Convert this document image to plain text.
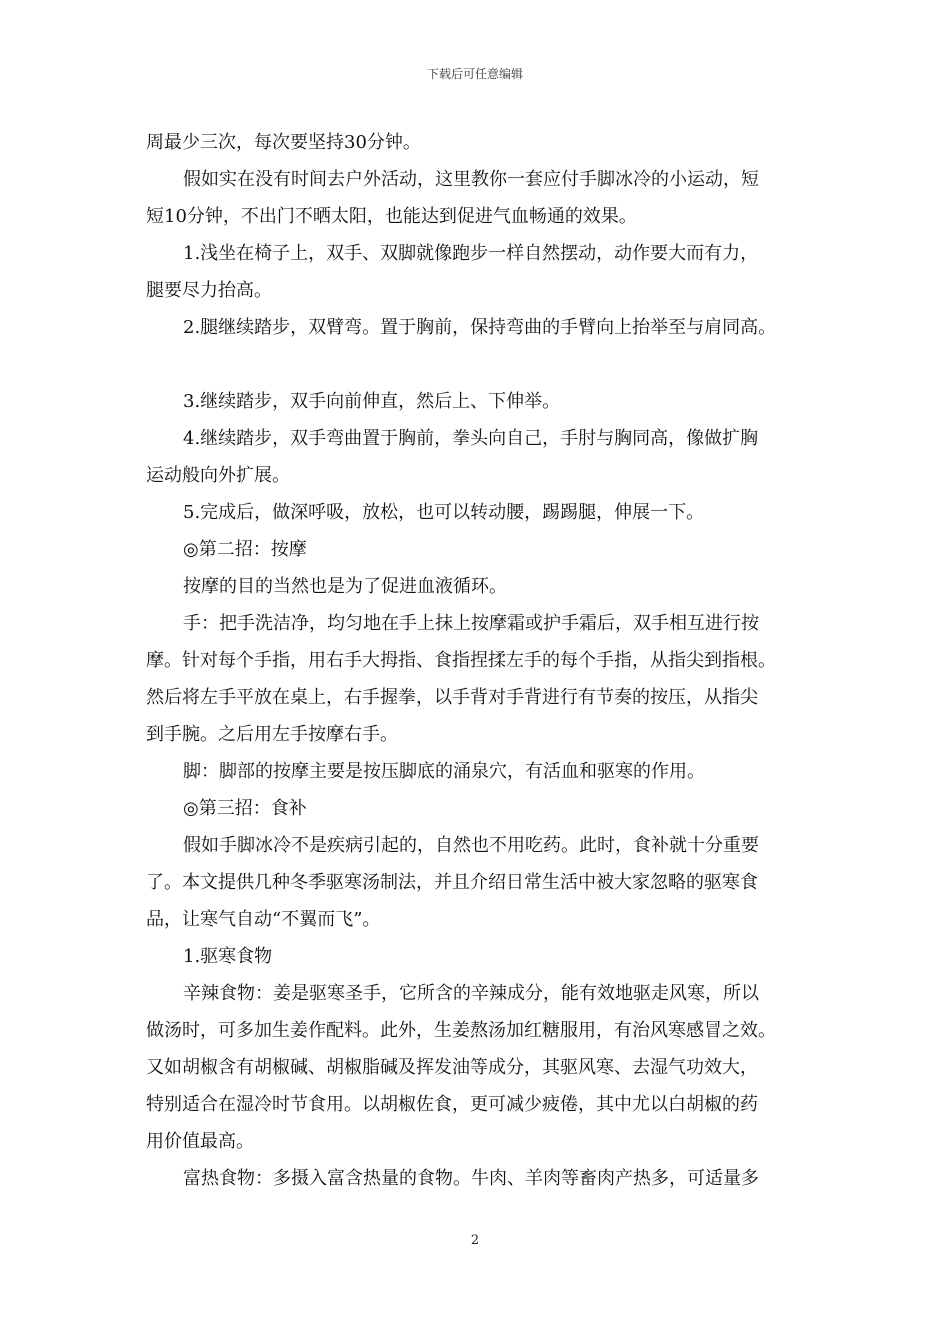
下载后可任意编辑
周最少三次，每次要坚持30分钟。
假如实在没有时间去户外活动，这里教你一套应付手脚冰冷的小运动，短
短10分钟，不出门不晒太阳，也能达到促进气血畅通的效果。
1.浅坐在椅子上，双手、双脚就像跑步一样自然摆动，动作要大而有力，
腿要尽力抬高。
2.腿继续踏步，双臂弯。置于胸前，保持弯曲的手臂向上抬举至与肩同高。
3.继续踏步，双手向前伸直，然后上、下伸举。
4.继续踏步，双手弯曲置于胸前，拳头向自己，手肘与胸同高，像做扩胸
运动般向外扩展。
5.完成后，做深呼吸，放松，也可以转动腰，踢踢腿，伸展一下。
◎第二招：按摩
按摩的目的当然也是为了促进血液循环。
手：把手洗洁净，均匀地在手上抹上按摩霜或护手霜后，双手相互进行按
摩。针对每个手指，用右手大拇指、食指捏揉左手的每个手指，从指尖到指根。
然后将左手平放在桌上，右手握拳，以手背对手背进行有节奏的按压，从指尖
到手腕。之后用左手按摩右手。
脚：脚部的按摩主要是按压脚底的涌泉穴，有活血和驱寒的作用。
◎第三招：食补
假如手脚冰冷不是疾病引起的，自然也不用吃药。此时，食补就十分重要
了。本文提供几种冬季驱寒汤制法，并且介绍日常生活中被大家忽略的驱寒食
品，让寒气自动“不翼而飞”。
1.驱寒食物
辛辣食物：姜是驱寒圣手，它所含的辛辣成分，能有效地驱走风寒，所以
做汤时，可多加生姜作配料。此外，生姜熬汤加红糖服用，有治风寒感冒之效。
又如胡椒含有胡椒碱、胡椒脂碱及挥发油等成分，其驱风寒、去湿气功效大，
特别适合在湿冷时节食用。以胡椒佐食，更可减少疲倦，其中尤以白胡椒的药
用价值最高。
富热食物：多摄入富含热量的食物。牛肉、羊肉等畜肉产热多，可适量多
2
